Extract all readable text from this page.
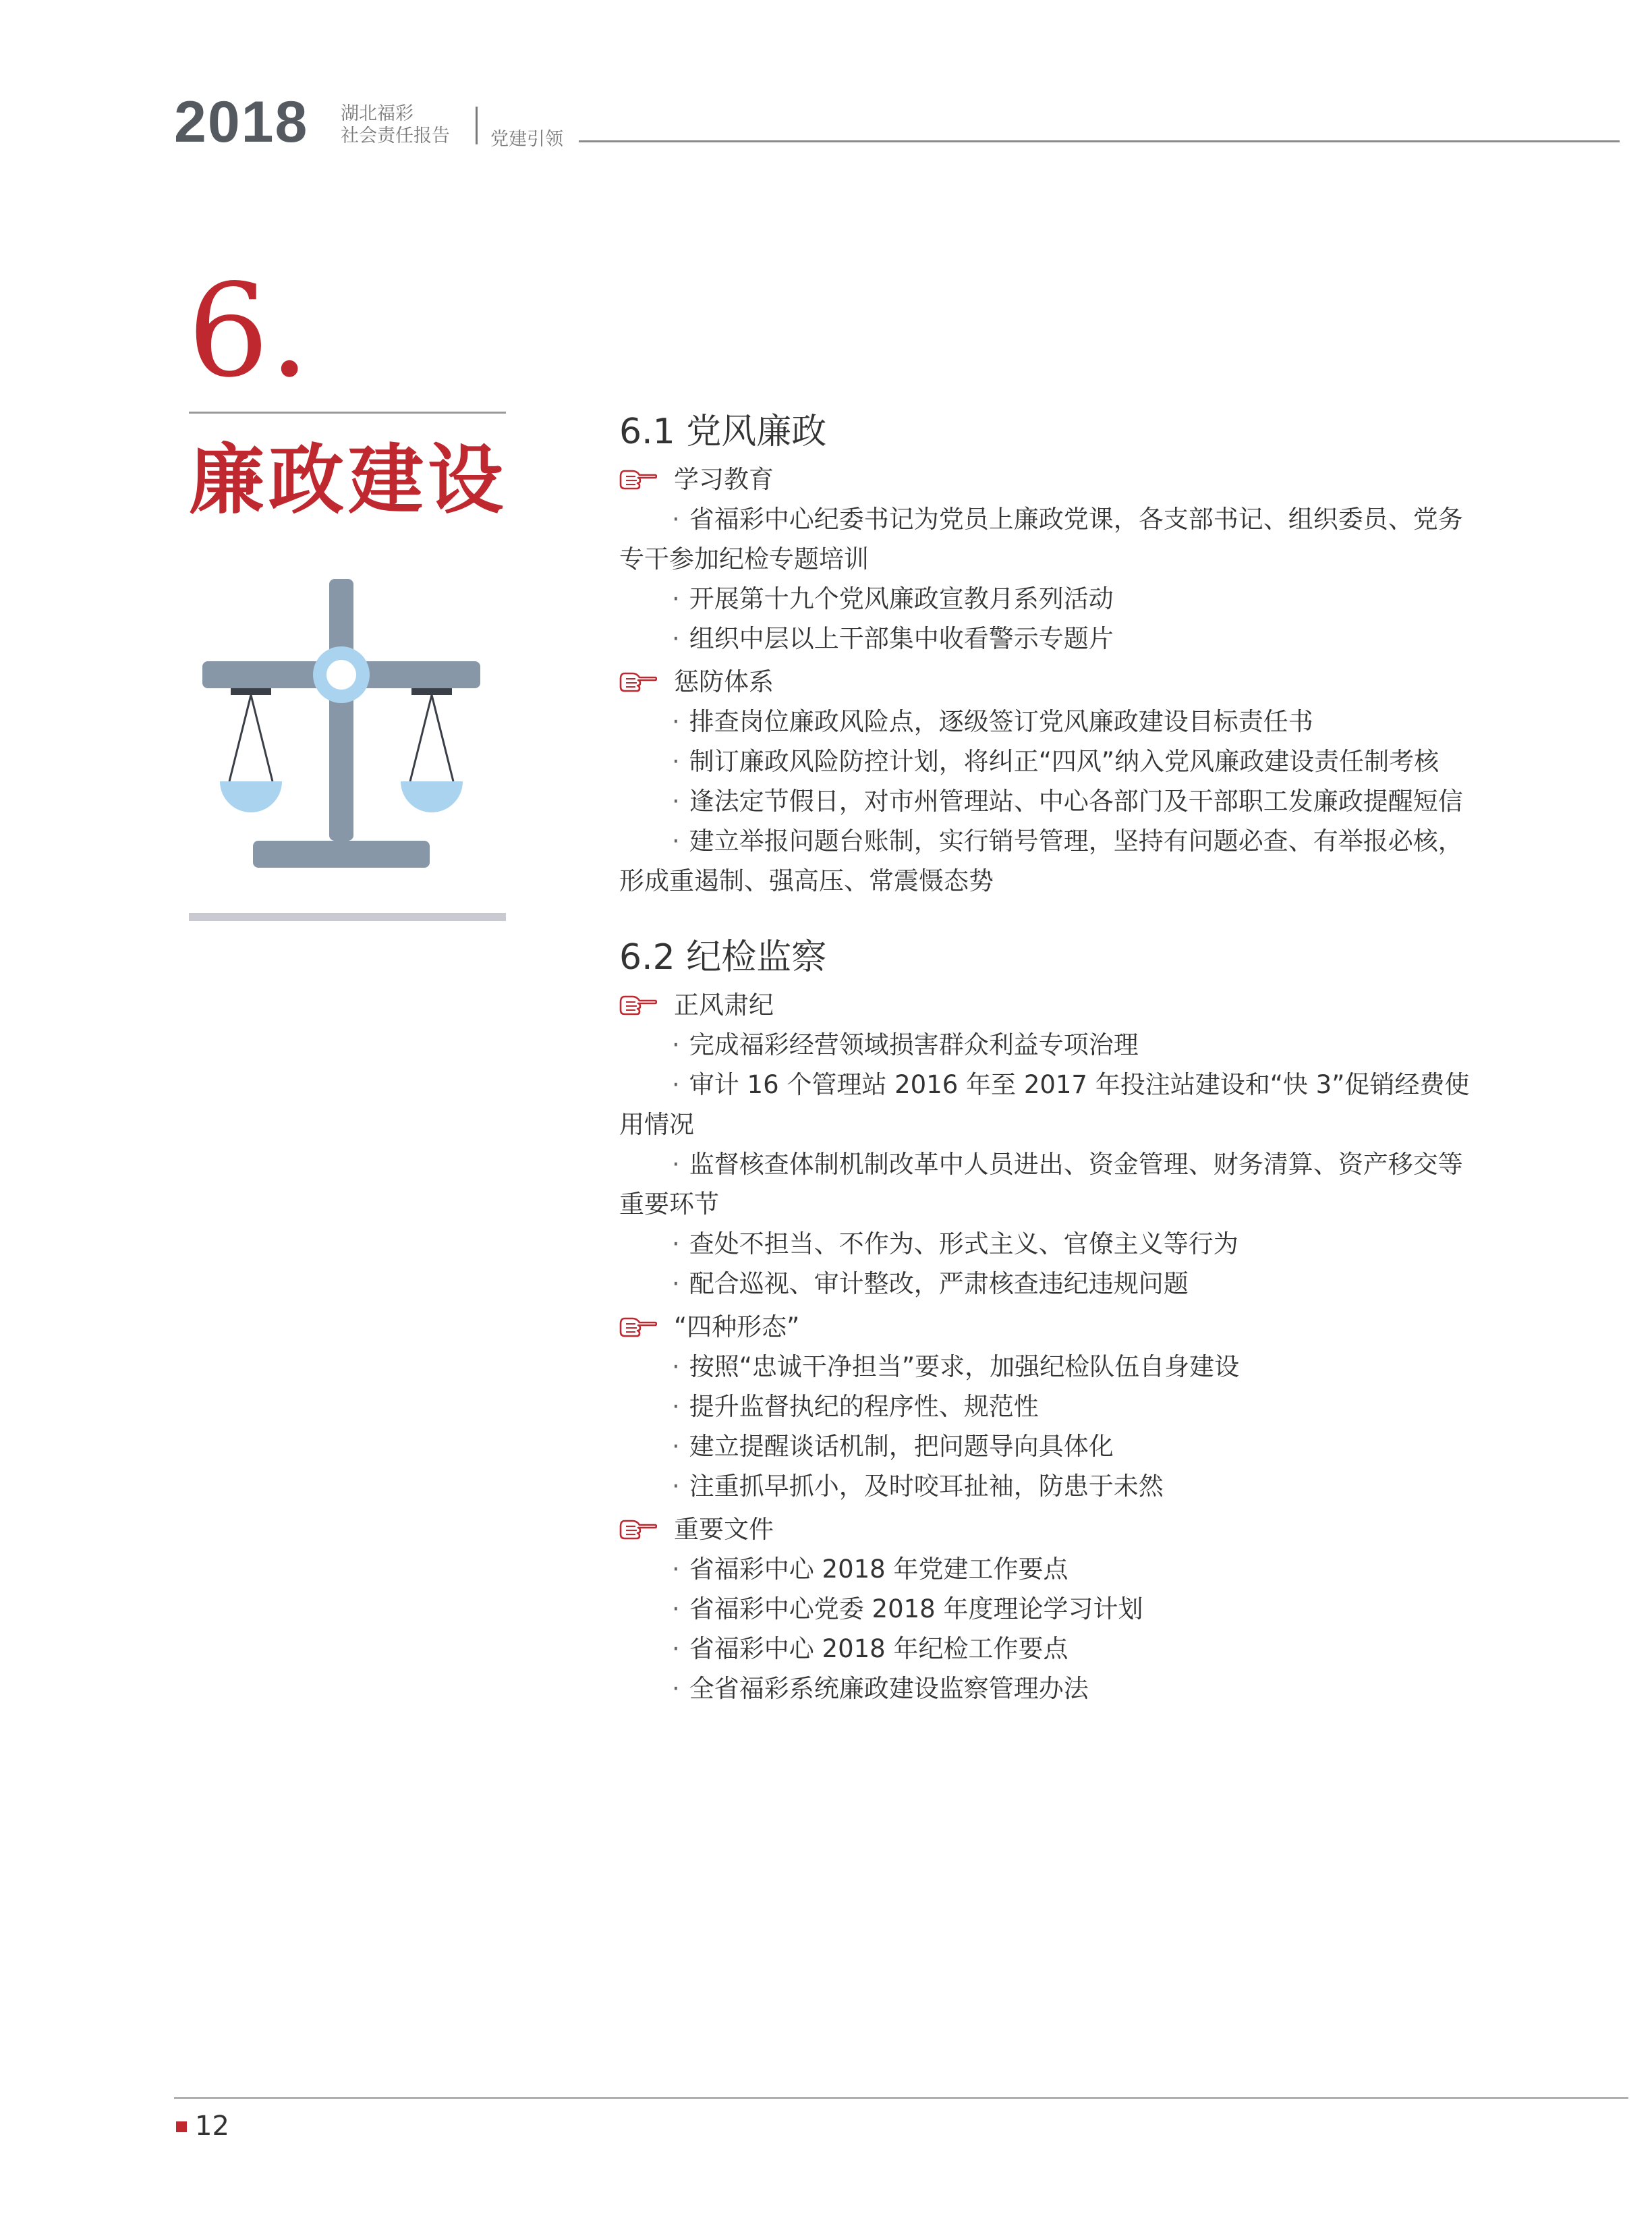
2018 湖北福彩
社会责任报告 党建引领
6.
廉政建设
6.1 党风廉政
学习教育
· 省福彩中心纪委书记为党员上廉政党课，各支部书记、组织委员、党务专干参加纪检专题培训
· 开展第十九个党风廉政宣教月系列活动
· 组织中层以上干部集中收看警示专题片
惩防体系
· 排查岗位廉政风险点，逐级签订党风廉政建设目标责任书
· 制订廉政风险防控计划，将纠正“四风”纳入党风廉政建设责任制考核
· 逢法定节假日，对市州管理站、中心各部门及干部职工发廉政提醒短信
· 建立举报问题台账制，实行销号管理，坚持有问题必查、有举报必核，形成重遏制、强高压、常震慑态势
6.2 纪检监察
正风肃纪
· 完成福彩经营领域损害群众利益专项治理
· 审计 16 个管理站 2016 年至 2017 年投注站建设和“快 3”促销经费使用情况
· 监督核查体制机制改革中人员进出、资金管理、财务清算、资产移交等重要环节
· 查处不担当、不作为、形式主义、官僚主义等行为
· 配合巡视、审计整改，严肃核查违纪违规问题
“四种形态”
· 按照“忠诚干净担当”要求，加强纪检队伍自身建设
· 提升监督执纪的程序性、规范性
· 建立提醒谈话机制，把问题导向具体化
· 注重抓早抓小，及时咬耳扯袖，防患于未然
重要文件
· 省福彩中心 2018 年党建工作要点
· 省福彩中心党委 2018 年度理论学习计划
· 省福彩中心 2018 年纪检工作要点
· 全省福彩系统廉政建设监察管理办法
12
